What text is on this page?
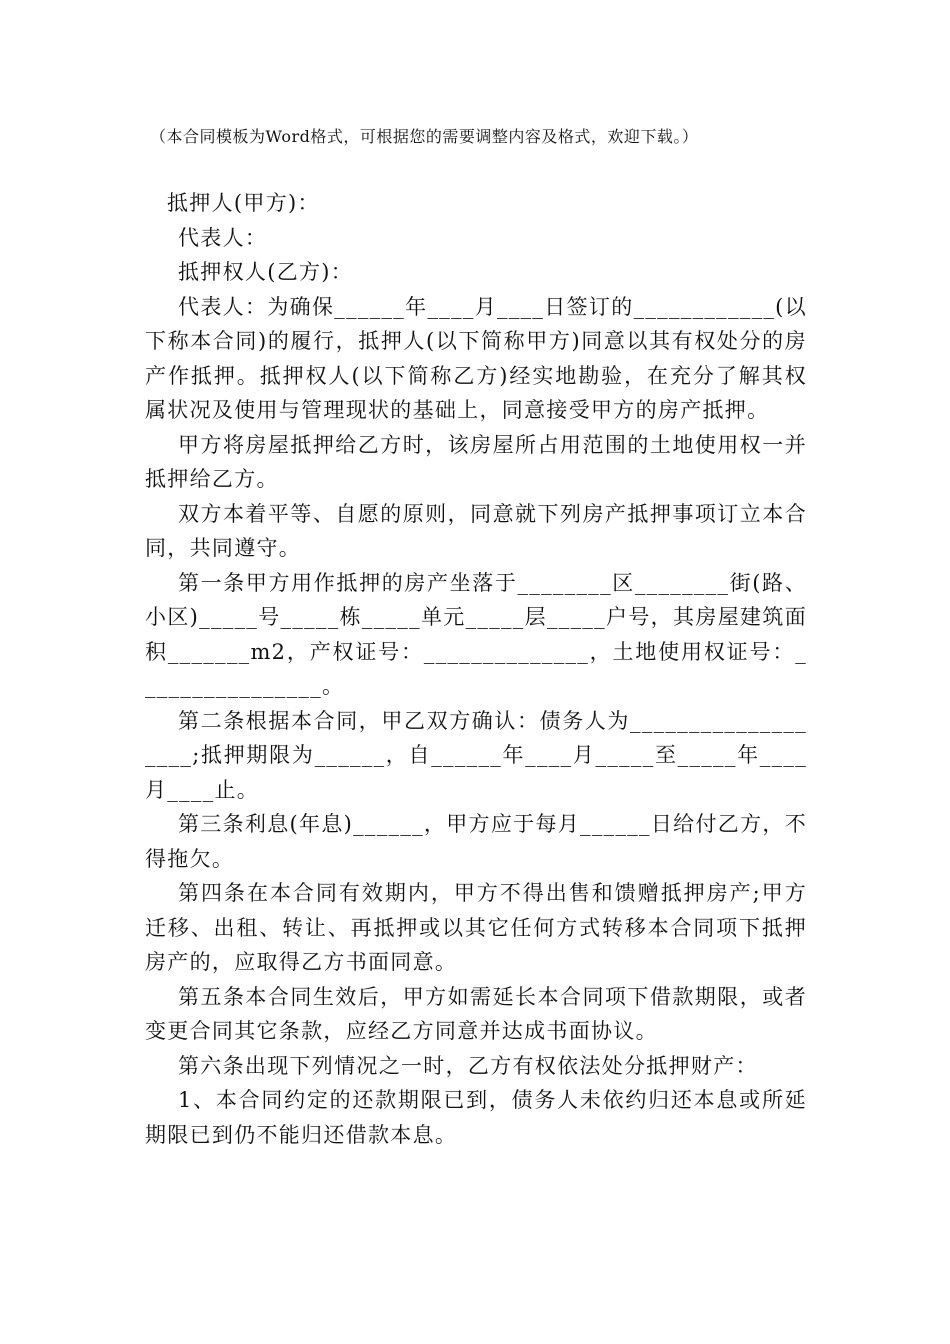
（本合同模板为Word格式，可根据您的需要调整内容及格式，欢迎下载。）

抵押人(甲方)：

代表人：

抵押权人(乙方)：

代表人：为确保______年____月____日签订的____________(以下称本合同)的履行，抵押人(以下简称甲方)同意以其有权处分的房产作抵押。抵押权人(以下简称乙方)经实地勘验，在充分了解其权属状况及使用与管理现状的基础上，同意接受甲方的房产抵押。

甲方将房屋抵押给乙方时，该房屋所占用范围的土地使用权一并抵押给乙方。

双方本着平等、自愿的原则，同意就下列房产抵押事项订立本合同，共同遵守。

第一条甲方用作抵押的房产坐落于________区________街(路、小区)_____号_____栋_____单元_____层_____户号，其房屋建筑面积_______m2，产权证号：______________，土地使用权证号：________________。

第二条根据本合同，甲乙双方确认：债务人为___________________;抵押期限为______，自______年____月_____至_____年____月____止。

第三条利息(年息)______，甲方应于每月______日给付乙方，不得拖欠。

第四条在本合同有效期内，甲方不得出售和馈赠抵押房产;甲方迁移、出租、转让、再抵押或以其它任何方式转移本合同项下抵押房产的，应取得乙方书面同意。

第五条本合同生效后，甲方如需延长本合同项下借款期限，或者变更合同其它条款，应经乙方同意并达成书面协议。

第六条出现下列情况之一时，乙方有权依法处分抵押财产：

1、本合同约定的还款期限已到，债务人未依约归还本息或所延期限已到仍不能归还借款本息。
